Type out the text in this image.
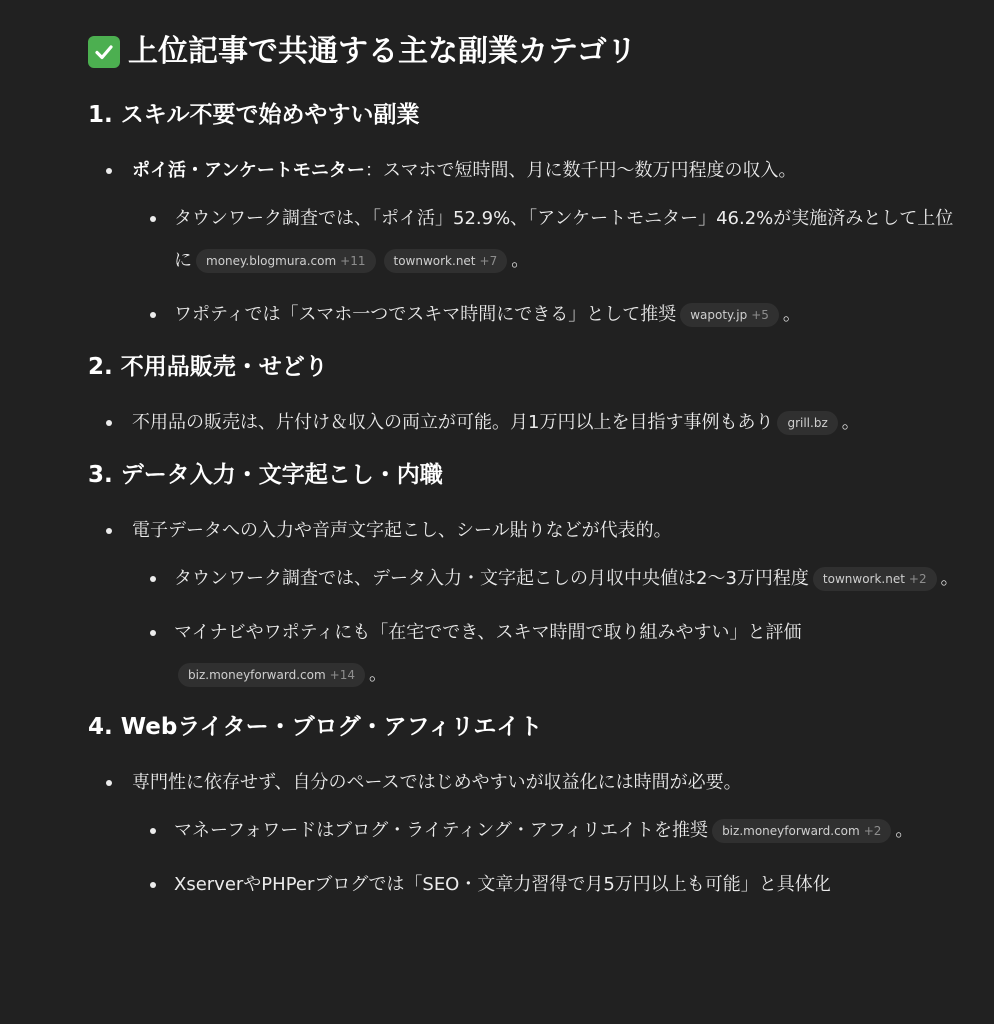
上位記事で共通する主な副業カテゴリ
1. スキル不要で始めやすい副業
ポイ活・アンケートモニター：スマホで短時間、月に数千円〜数万円程度の収入。
タウンワーク調査では、「ポイ活」52.9%、「アンケートモニター」46.2%が実施済みとして上位に money.blogmura.com +11 townwork.net +7 。
ワポティでは「スマホ一つでスキマ時間にできる」として推奨 wapoty.jp +5 。
2. 不用品販売・せどり
不用品の販売は、片付け＆収入の両立が可能。月1万円以上を目指す事例もあり grill.bz 。
3. データ入力・文字起こし・内職
電子データへの入力や音声文字起こし、シール貼りなどが代表的。
タウンワーク調査では、データ入力・文字起こしの月収中央値は2〜3万円程度 townwork.net +2 。
マイナビやワポティにも「在宅ででき、スキマ時間で取り組みやすい」と評価biz.moneyforward.com +14 。
4. Webライター・ブログ・アフィリエイト
専門性に依存せず、自分のペースではじめやすいが収益化には時間が必要。
マネーフォワードはブログ・ライティング・アフィリエイトを推奨 biz.moneyforward.com +2 。
XserverやPHPerブログでは「SEO・文章力習得で月5万円以上も可能」と具体化
